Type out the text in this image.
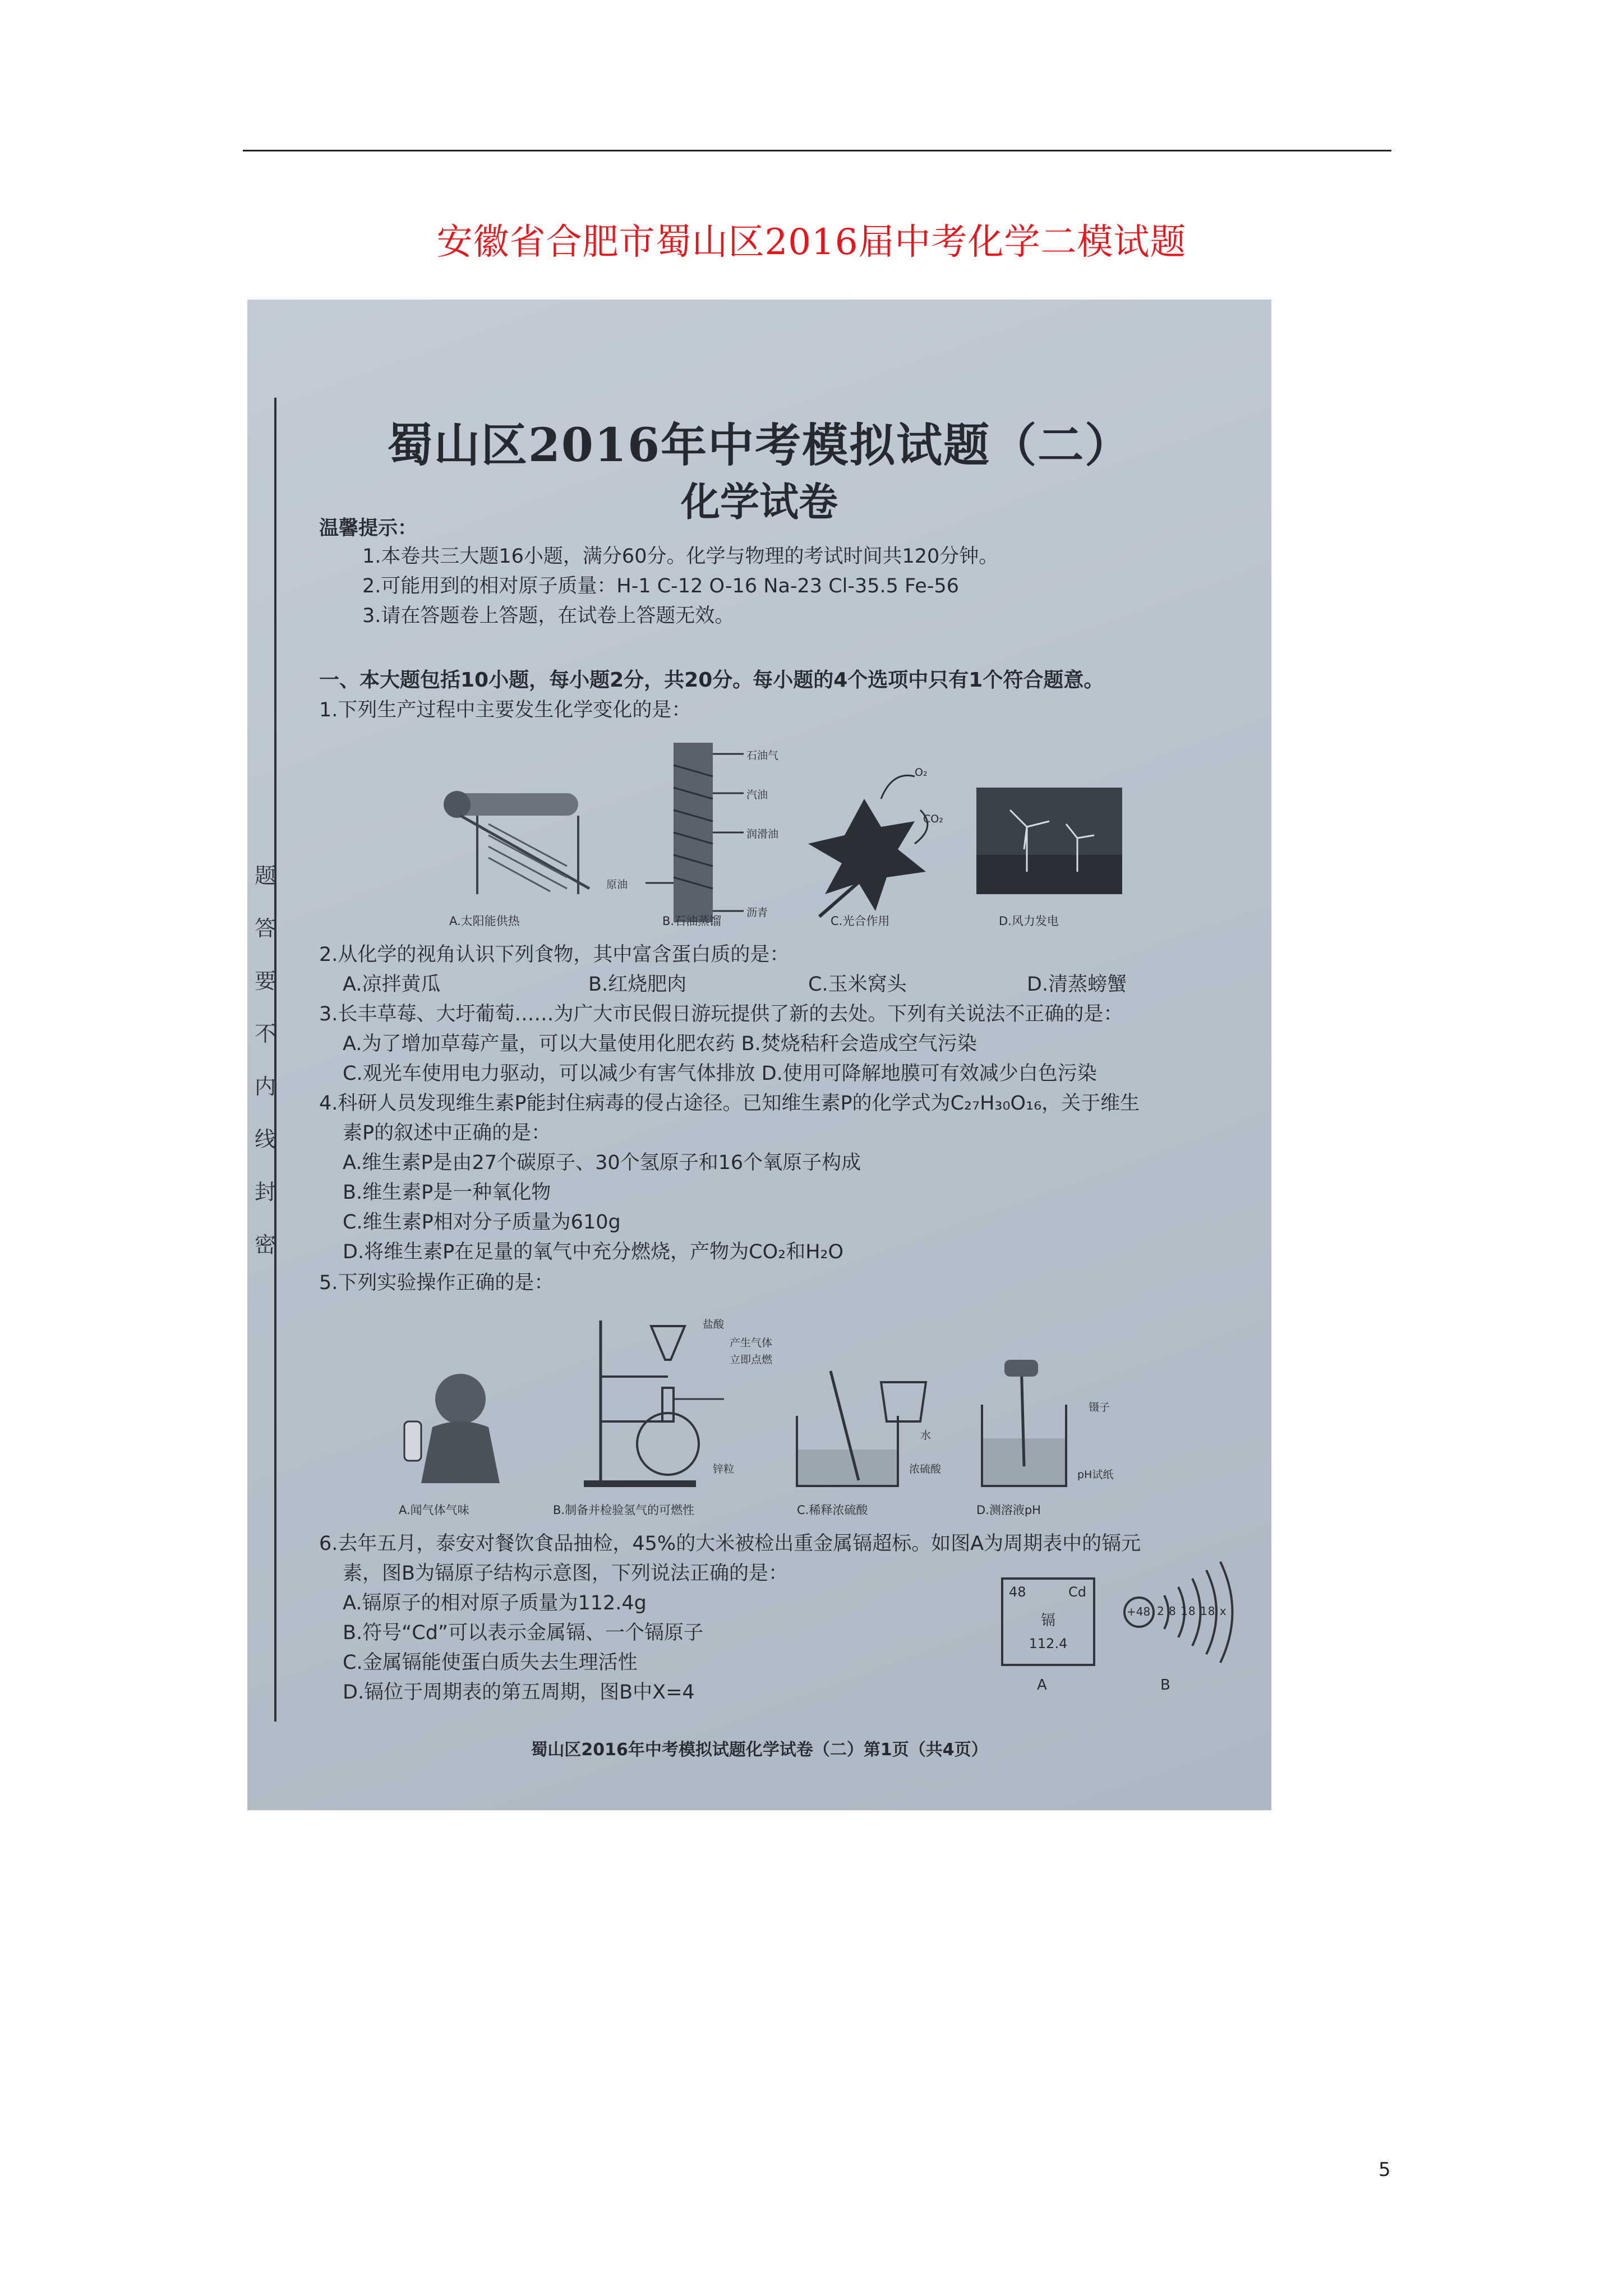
安徽省合肥市蜀山区2016届中考化学二模试题
题
答
要
不
内
线
封
密
蜀山区2016年中考模拟试题（二）
化学试卷
温馨提示：
1.本卷共三大题16小题，满分60分。化学与物理的考试时间共120分钟。
2.可能用到的相对原子质量：H-1 C-12 O-16 Na-23 Cl-35.5 Fe-56
3.请在答题卷上答题，在试卷上答题无效。
一、本大题包括10小题，每小题2分，共20分。每小题的4个选项中只有1个符合题意。
1.下列生产过程中主要发生化学变化的是：
石油气
汽油
润滑油
原油
沥青
O₂
CO₂
A.太阳能供热	B.石油蒸馏	C.光合作用	D.风力发电
2.从化学的视角认识下列食物，其中富含蛋白质的是：
A.凉拌黄瓜	B.红烧肥肉	C.玉米窝头	D.清蒸螃蟹
3.长丰草莓、大圩葡萄……为广大市民假日游玩提供了新的去处。下列有关说法不正确的是：
A.为了增加草莓产量，可以大量使用化肥农药 B.焚烧秸秆会造成空气污染
C.观光车使用电力驱动，可以减少有害气体排放 D.使用可降解地膜可有效减少白色污染
4.科研人员发现维生素P能封住病毒的侵占途径。已知维生素P的化学式为C₂₇H₃₀O₁₆，关于维生
素P的叙述中正确的是：
A.维生素P是由27个碳原子、30个氢原子和16个氧原子构成
B.维生素P是一种氧化物
C.维生素P相对分子质量为610g
D.将维生素P在足量的氧气中充分燃烧，产物为CO₂和H₂O
5.下列实验操作正确的是：
盐酸
产生气体
立即点燃
锌粒
水
浓硫酸
镊子
pH试纸
A.闻气体气味	B.制备并检验氢气的可燃性	C.稀释浓硫酸	D.测溶液pH
6.去年五月，泰安对餐饮食品抽检，45%的大米被检出重金属镉超标。如图A为周期表中的镉元
素，图B为镉原子结构示意图，下列说法正确的是：
A.镉原子的相对原子质量为112.4g
B.符号“Cd”可以表示金属镉、一个镉原子
C.金属镉能使蛋白质失去生理活性
D.镉位于周期表的第五周期，图B中X=4
48	Cd
镉
112.4
+48 2 8 18 18 x
A	B
蜀山区2016年中考模拟试题化学试卷（二）第1页（共4页）
5
